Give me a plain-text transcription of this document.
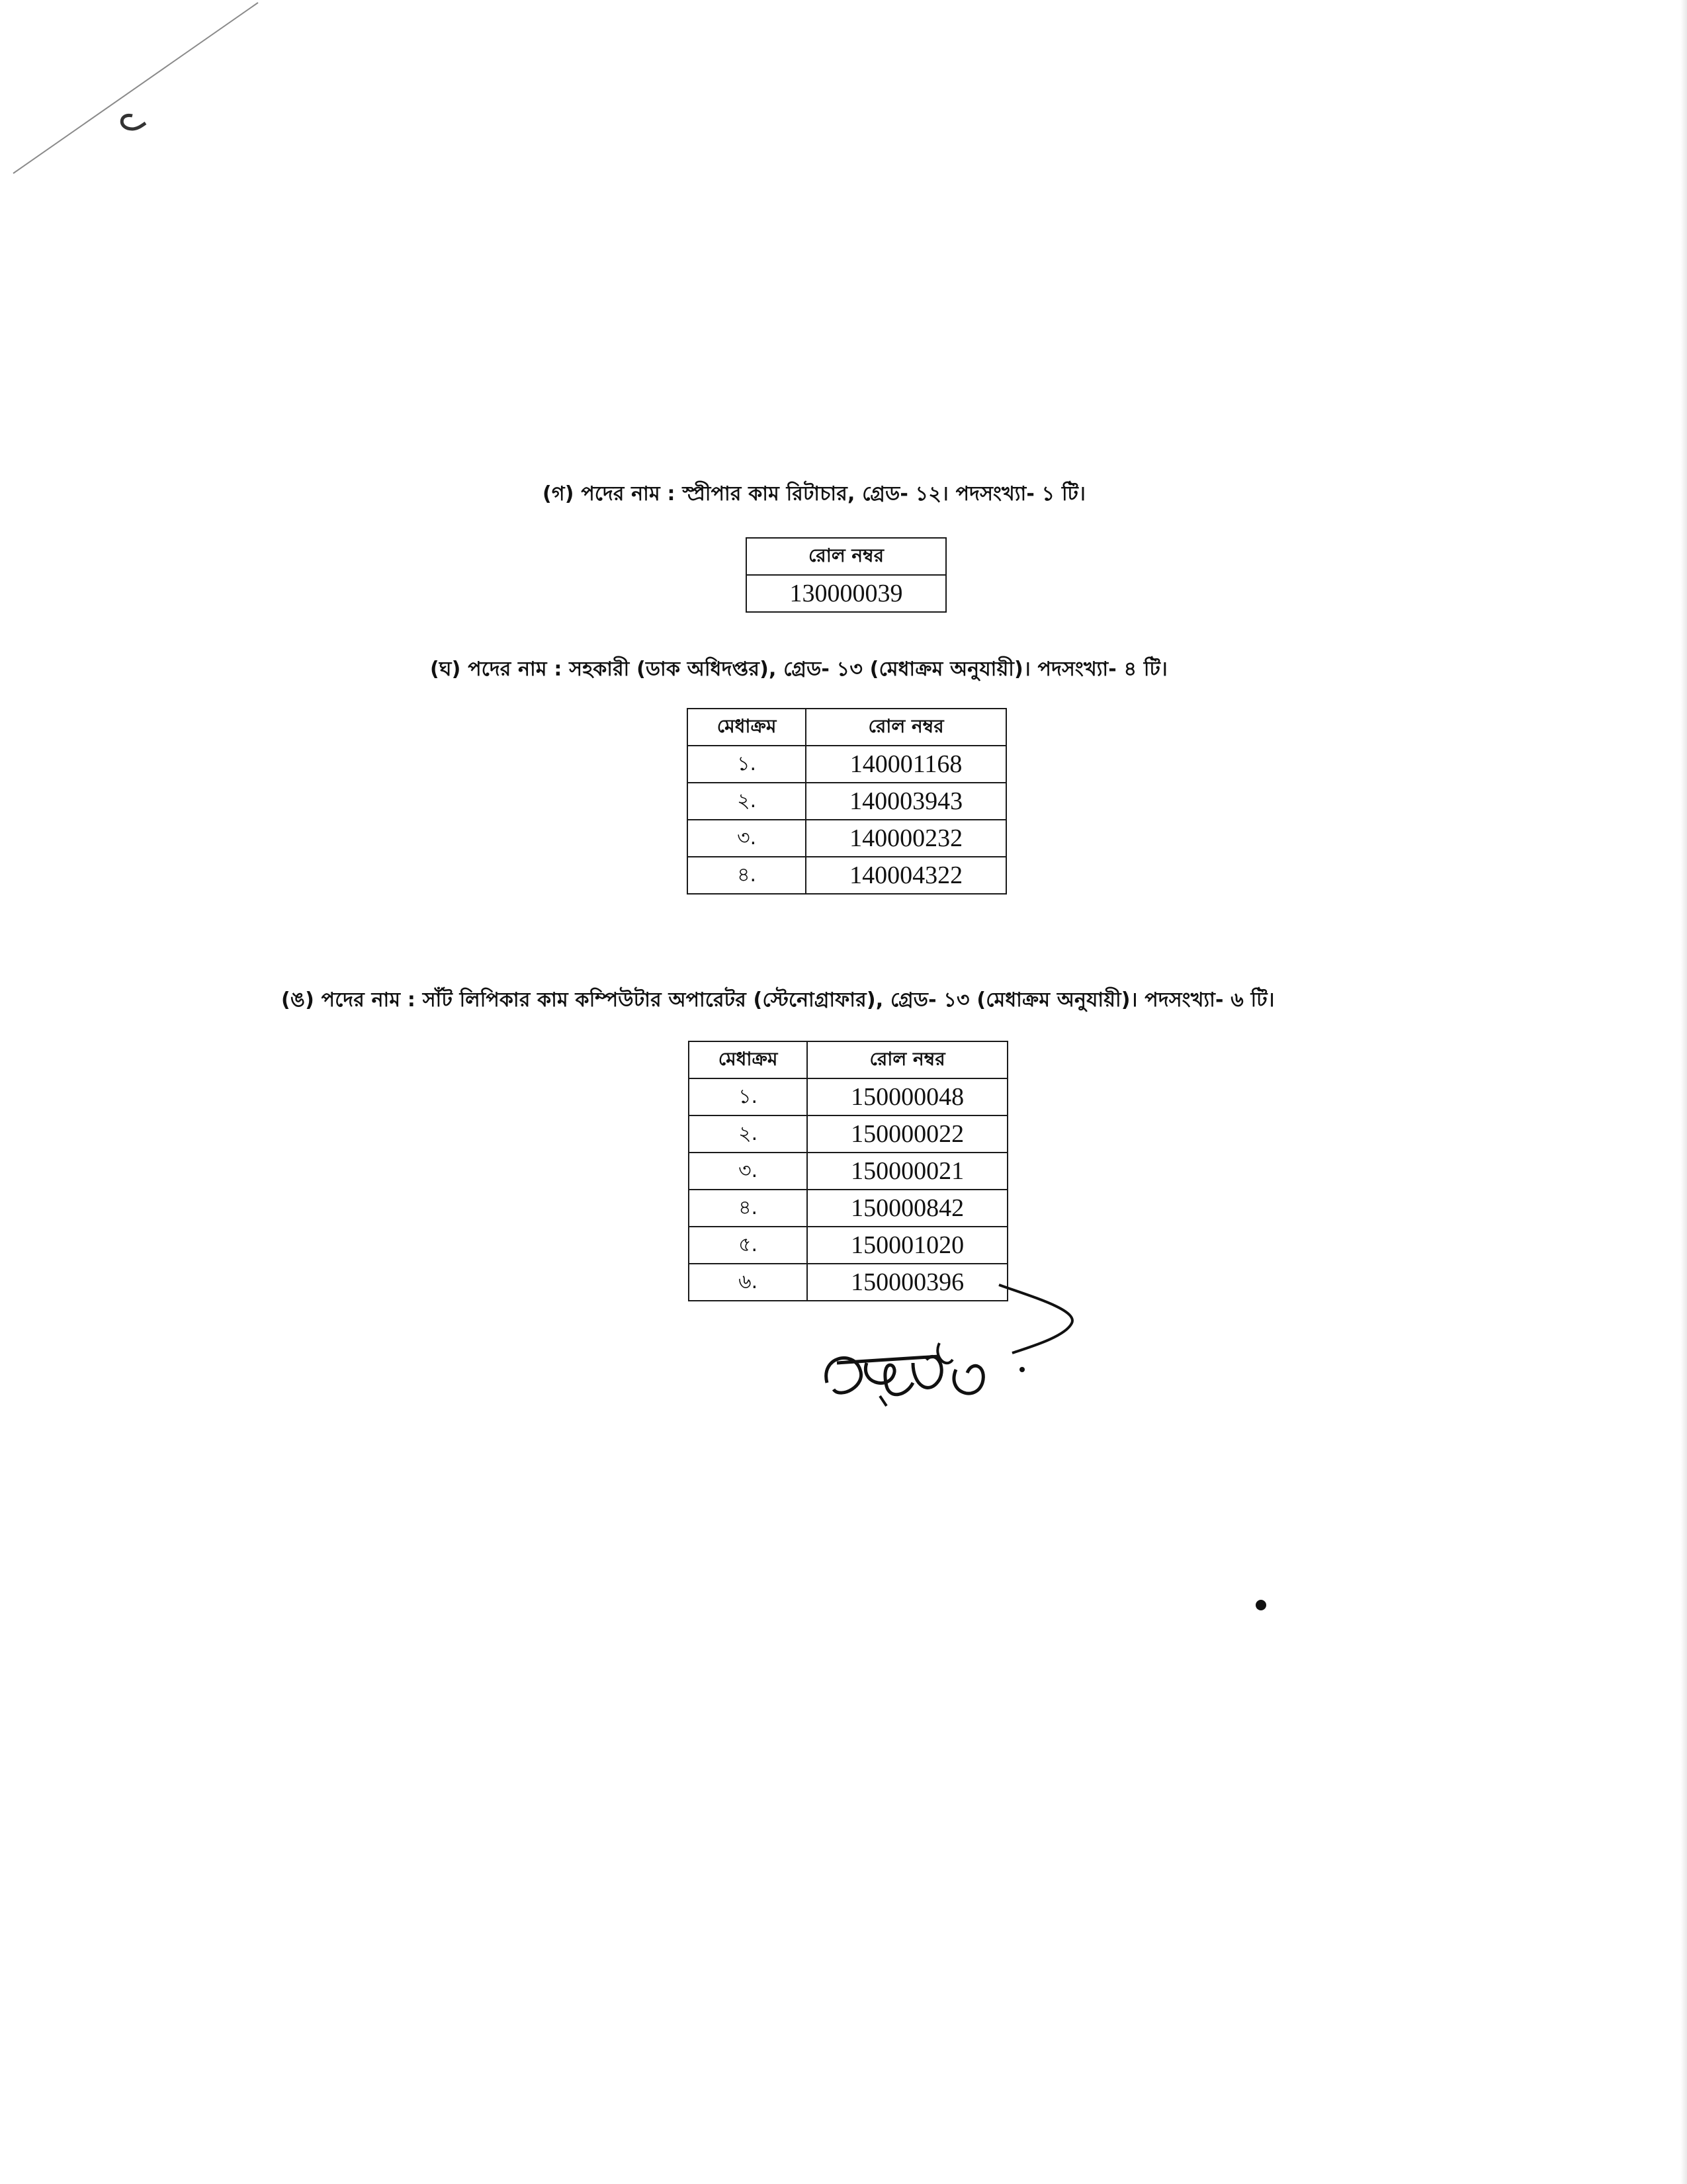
(গ) পদের নাম : স্প্রীপার কাম রিটাচার, গ্রেড- ১২। পদসংখ্যা- ১ টি।
রোল নম্বর
130000039
(ঘ) পদের নাম : সহকারী (ডাক অধিদপ্তর), গ্রেড- ১৩ (মেধাক্রম অনুযায়ী)। পদসংখ্যা- ৪ টি।
মেধাক্রম	রোল নম্বর
১.	140001168
২.	140003943
৩.	140000232
৪.	140004322
(ঙ) পদের নাম : সাঁট লিপিকার কাম কম্পিউটার অপারেটর (স্টেনোগ্রাফার), গ্রেড- ১৩ (মেধাক্রম অনুযায়ী)। পদসংখ্যা- ৬ টি।
মেধাক্রম	রোল নম্বর
১.	150000048
২.	150000022
৩.	150000021
৪.	150000842
৫.	150001020
৬.	150000396
